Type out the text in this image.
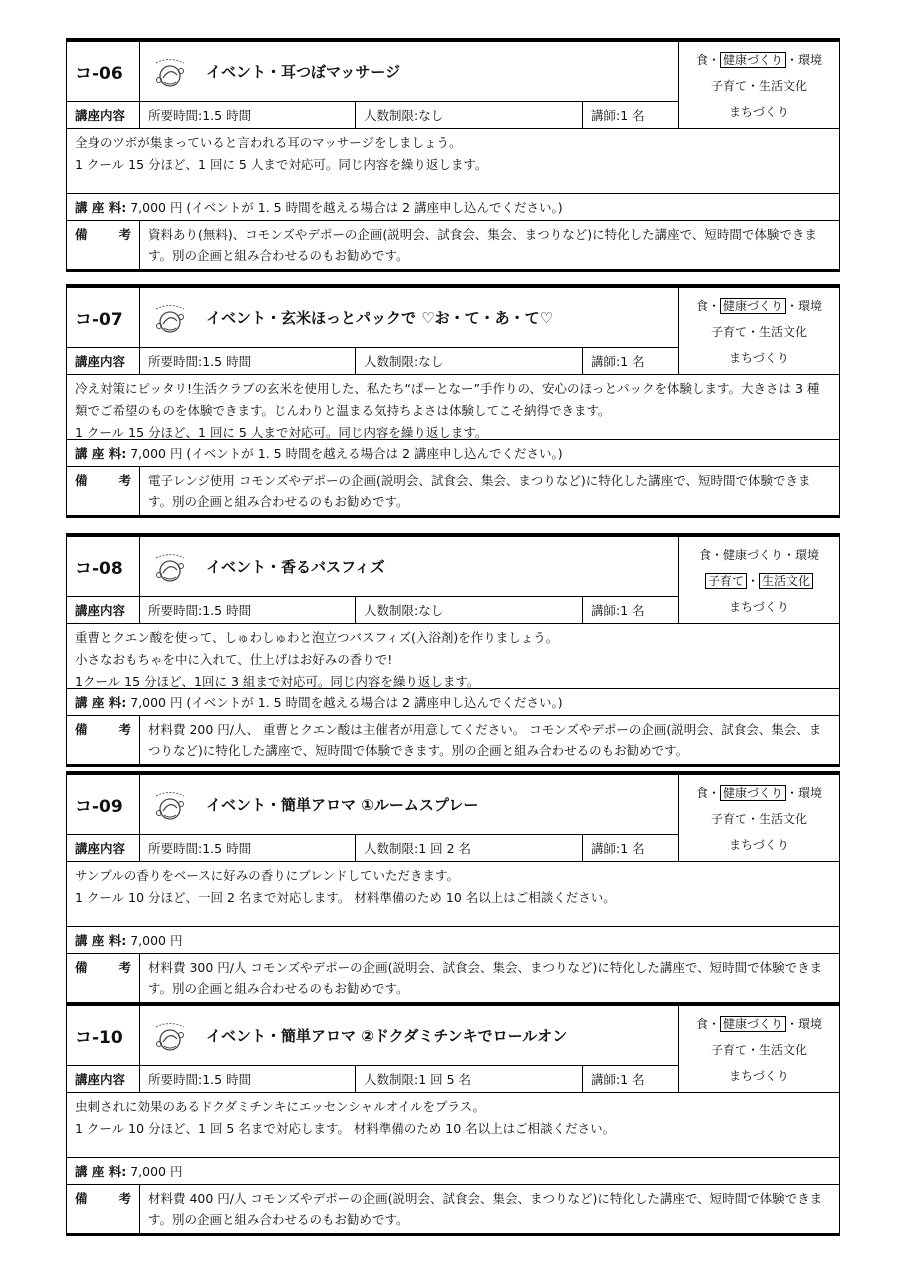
コ-06	イベント・耳つぼマッサージ
講座内容	所要時間:1.5 時間	人数制限:なし	講師:1 名
食・ 健康づくり ・環境
子育て・生活文化
まちづくり
全身のツボが集まっていると言われる耳のマッサージをしましょう。
1 クール 15 分ほど、1 回に 5 人まで対応可。同じ内容を繰り返します。
講 座 料: 7,000 円 (イベントが 1. 5 時間を越える場合は 2 講座申し込んでください。)
備 考	資料あり(無料)、コモンズやデポーの企画(説明会、試食会、集会、まつりなど)に特化した講座で、短時間で体験できます。別の企画と組み合わせるのもお勧めです。
コ-07	イベント・玄米ほっとパックで ♡お・て・あ・て♡
講座内容	所要時間:1.5 時間	人数制限:なし	講師:1 名
食・ 健康づくり ・環境
子育て・生活文化
まちづくり
冷え対策にピッタリ!生活クラブの玄米を使用した、私たち“ぱーとなー”手作りの、安心のほっとパックを体験します。大きさは 3 種類でご希望のものを体験できます。じんわりと温まる気持ちよさは体験してこそ納得できます。
1 クール 15 分ほど、1 回に 5 人まで対応可。同じ内容を繰り返します。
講 座 料: 7,000 円 (イベントが 1. 5 時間を越える場合は 2 講座申し込んでください。)
備 考	電子レンジ使用 コモンズやデポーの企画(説明会、試食会、集会、まつりなど)に特化した講座で、短時間で体験できます。別の企画と組み合わせるのもお勧めです。
コ-08	イベント・香るバスフィズ
講座内容	所要時間:1.5 時間	人数制限:なし	講師:1 名
食・健康づくり・環境
子育て ・ 生活文化
まちづくり
重曹とクエン酸を使って、しゅわしゅわと泡立つバスフィズ(入浴剤)を作りましょう。
小さなおもちゃを中に入れて、仕上げはお好みの香りで!
1クール 15 分ほど、1回に 3 組まで対応可。同じ内容を繰り返します。
講 座 料: 7,000 円 (イベントが 1. 5 時間を越える場合は 2 講座申し込んでください。)
備 考	材料費 200 円/人、 重曹とクエン酸は主催者が用意してください。 コモンズやデポーの企画(説明会、試食会、集会、まつりなど)に特化した講座で、短時間で体験できます。別の企画と組み合わせるのもお勧めです。
コ-09	イベント・簡単アロマ ①ルームスプレー
講座内容	所要時間:1.5 時間	人数制限:1 回 2 名	講師:1 名
食・ 健康づくり ・環境
子育て・生活文化
まちづくり
サンプルの香りをベースに好みの香りにブレンドしていただきます。
1 クール 10 分ほど、一回 2 名まで対応します。 材料準備のため 10 名以上はご相談ください。
講 座 料: 7,000 円
備 考	材料費 300 円/人 コモンズやデポーの企画(説明会、試食会、集会、まつりなど)に特化した講座で、短時間で体験できます。別の企画と組み合わせるのもお勧めです。
コ-10	イベント・簡単アロマ ②ドクダミチンキでロールオン
講座内容	所要時間:1.5 時間	人数制限:1 回 5 名	講師:1 名
食・ 健康づくり ・環境
子育て・生活文化
まちづくり
虫刺されに効果のあるドクダミチンキにエッセンシャルオイルをプラス。
1 クール 10 分ほど、1 回 5 名まで対応します。 材料準備のため 10 名以上はご相談ください。
講 座 料: 7,000 円
備 考	材料費 400 円/人 コモンズやデポーの企画(説明会、試食会、集会、まつりなど)に特化した講座で、短時間で体験できます。別の企画と組み合わせるのもお勧めです。
